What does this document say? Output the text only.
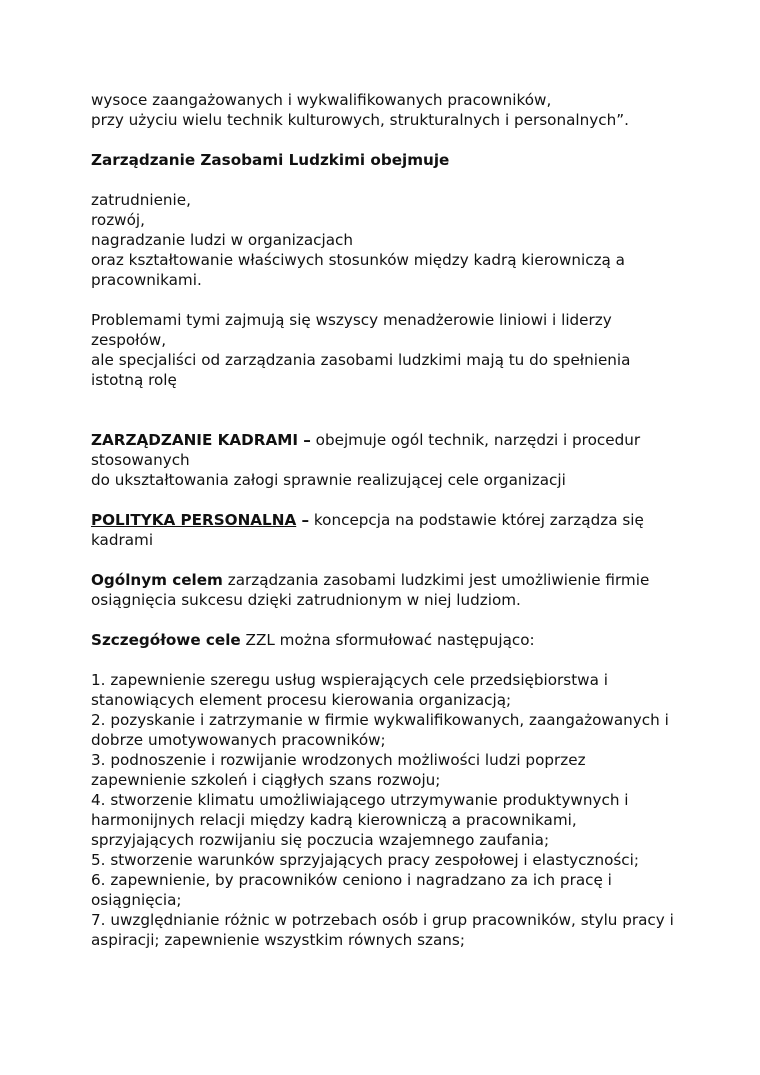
wysoce zaangażowanych i wykwalifikowanych pracowników,

przy użyciu wielu technik kulturowych, strukturalnych i personalnych”.

Zarządzanie Zasobami Ludzkimi obejmuje

zatrudnienie,

rozwój,

nagradzanie ludzi w organizacjach

oraz kształtowanie właściwych stosunków między kadrą kierowniczą a pracownikami.

Problemami tymi zajmują się wszyscy menadżerowie liniowi i liderzy zespołów,

ale specjaliści od zarządzania zasobami ludzkimi mają tu do spełnienia istotną rolę

ZARZĄDZANIE KADRAMI – obejmuje ogól technik, narzędzi i procedur stosowanych

do ukształtowania załogi sprawnie realizującej cele organizacji

POLITYKA PERSONALNA – koncepcja na podstawie której zarządza się kadrami

Ogólnym celem zarządzania zasobami ludzkimi jest umożliwienie firmie osiągnięcia sukcesu dzięki zatrudnionym w niej ludziom.

Szczegółowe cele ZZL można sformułować następująco:

1. zapewnienie szeregu usług wspierających cele przedsiębiorstwa i stanowiących element procesu kierowania organizacją;

2. pozyskanie i zatrzymanie w firmie wykwalifikowanych, zaangażowanych i dobrze umotywowanych pracowników;

3. podnoszenie i rozwijanie wrodzonych możliwości ludzi poprzez zapewnienie szkoleń i ciągłych szans rozwoju;

4. stworzenie klimatu umożliwiającego utrzymywanie produktywnych i harmonijnych relacji między kadrą kierowniczą a pracownikami, sprzyjających rozwijaniu się poczucia wzajemnego zaufania;

5. stworzenie warunków sprzyjających pracy zespołowej i elastyczności;

6. zapewnienie, by pracowników ceniono i nagradzano za ich pracę i osiągnięcia;

7. uwzględnianie różnic w potrzebach osób i grup pracowników, stylu pracy i aspiracji; zapewnienie wszystkim równych szans;
